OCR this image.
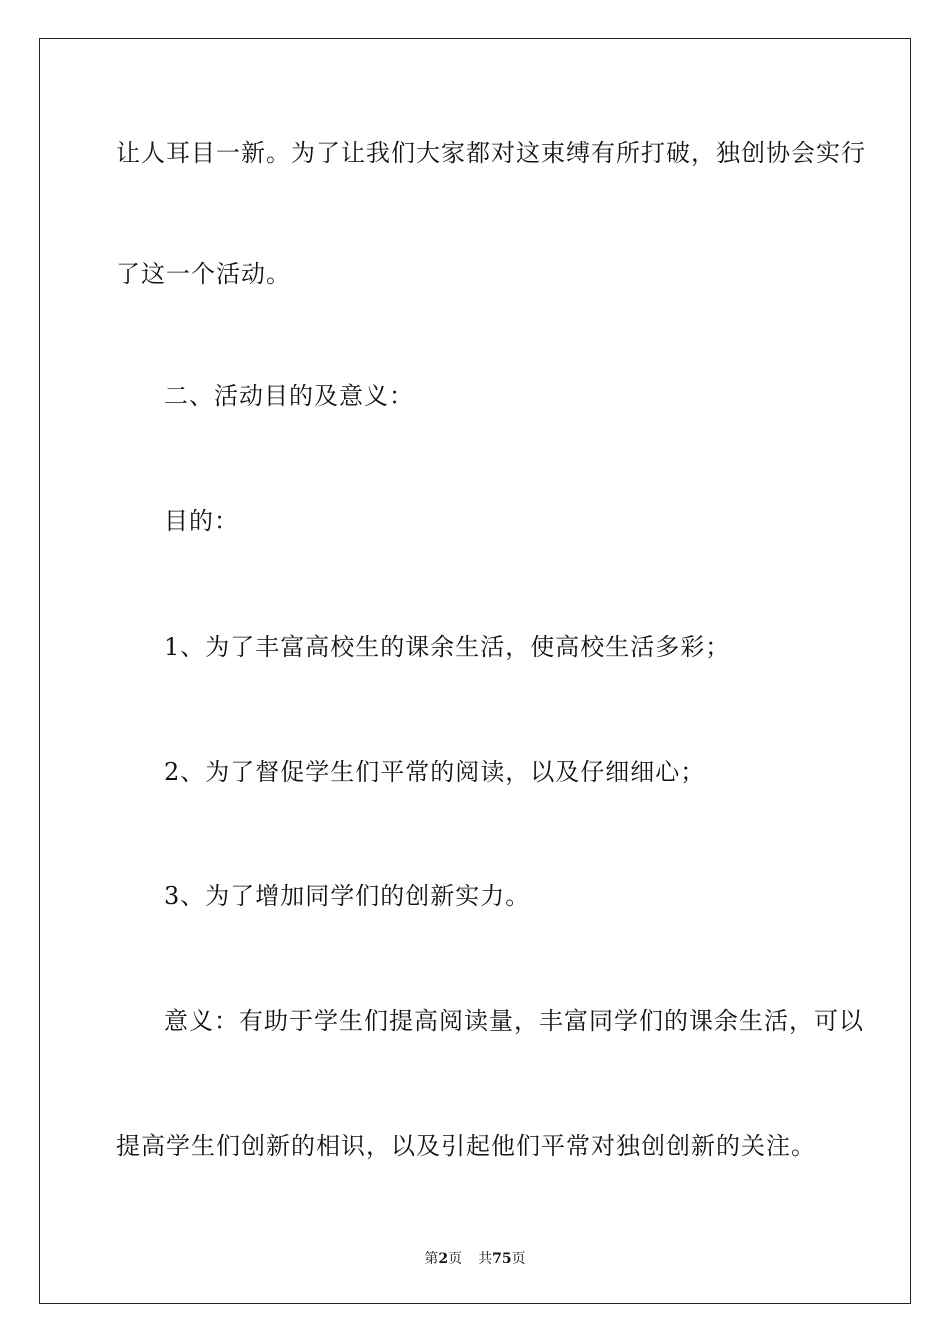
让人耳目一新。为了让我们大家都对这束缚有所打破，独创协会实行

了这一个活动。

二、活动目的及意义：

目的：

1、为了丰富高校生的课余生活，使高校生活多彩；

2、为了督促学生们平常的阅读，以及仔细细心；

3、为了增加同学们的创新实力。

意义：有助于学生们提高阅读量，丰富同学们的课余生活，可以

提高学生们创新的相识，以及引起他们平常对独创创新的关注。

第2页 共75页
